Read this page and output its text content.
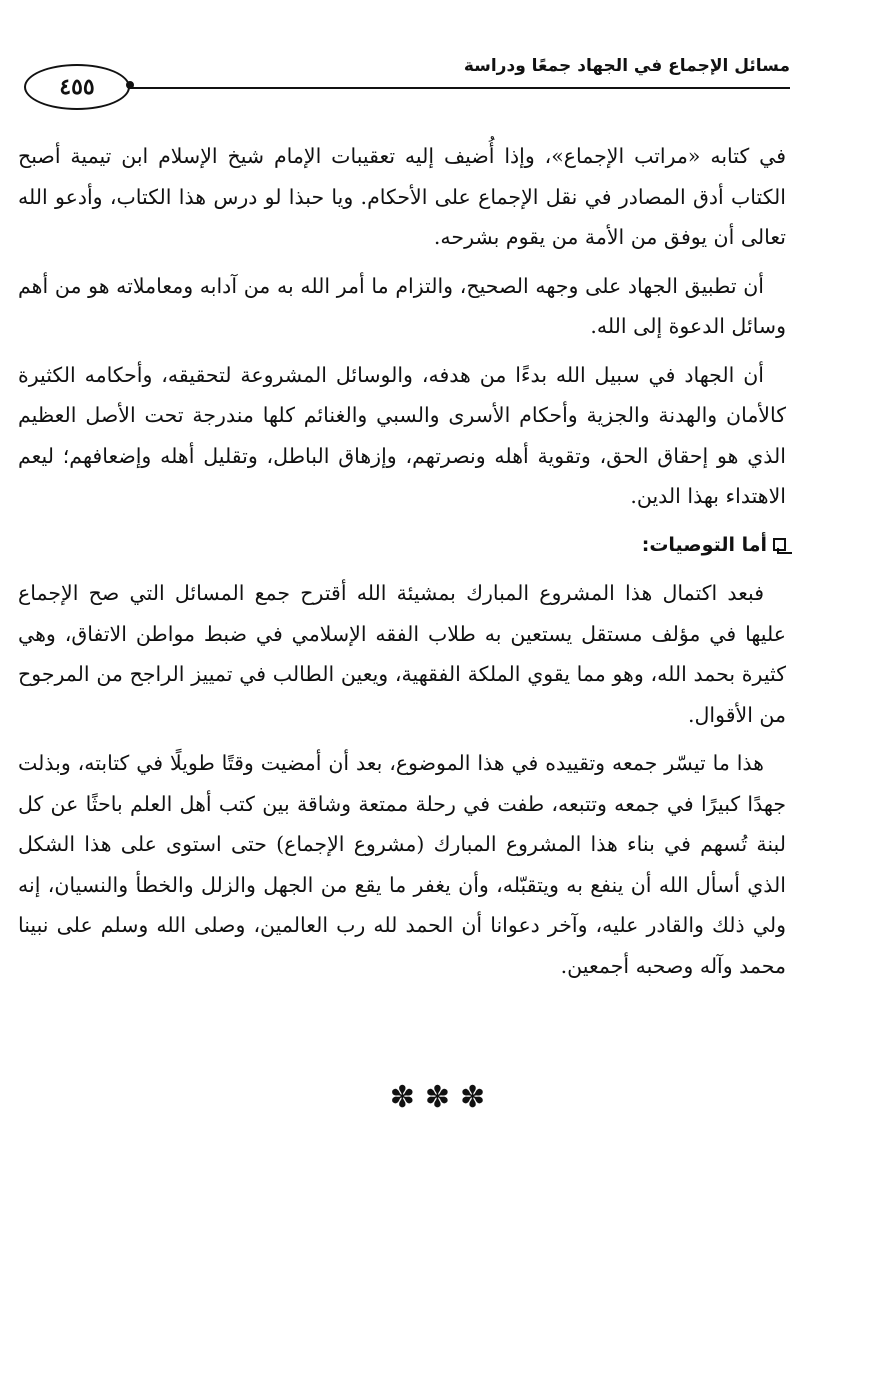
مسائل الإجماع في الجهاد جمعًا ودراسة
٤٥٥

في كتابه «مراتب الإجماع»، وإذا أُضيف إليه تعقيبات الإمام شيخ الإسلام ابن تيمية أصبح الكتاب أدق المصادر في نقل الإجماع على الأحكام. ويا حبذا لو درس هذا الكتاب، وأدعو الله تعالى أن يوفق من الأمة من يقوم بشرحه.

أن تطبيق الجهاد على وجهه الصحيح، والتزام ما أمر الله به من آدابه ومعاملاته هو من أهم وسائل الدعوة إلى الله.

أن الجهاد في سبيل الله بدءًا من هدفه، والوسائل المشروعة لتحقيقه، وأحكامه الكثيرة كالأمان والهدنة والجزية وأحكام الأسرى والسبي والغنائم كلها مندرجة تحت الأصل العظيم الذي هو إحقاق الحق، وتقوية أهله ونصرتهم، وإزهاق الباطل، وتقليل أهله وإضعافهم؛ ليعم الاهتداء بهذا الدين.

أما التوصيات:

فبعد اكتمال هذا المشروع المبارك بمشيئة الله أقترح جمع المسائل التي صح الإجماع عليها في مؤلف مستقل يستعين به طلاب الفقه الإسلامي في ضبط مواطن الاتفاق، وهي كثيرة بحمد الله، وهو مما يقوي الملكة الفقهية، ويعين الطالب في تمييز الراجح من المرجوح من الأقوال.

هذا ما تيسّر جمعه وتقييده في هذا الموضوع، بعد أن أمضيت وقتًا طويلًا في كتابته، وبذلت جهدًا كبيرًا في جمعه وتتبعه، طفت في رحلة ممتعة وشاقة بين كتب أهل العلم باحثًا عن كل لبنة تُسهم في بناء هذا المشروع المبارك (مشروع الإجماع) حتى استوى على هذا الشكل الذي أسأل الله أن ينفع به ويتقبّله، وأن يغفر ما يقع من الجهل والزلل والخطأ والنسيان، إنه ولي ذلك والقادر عليه، وآخر دعوانا أن الحمد لله رب العالمين، وصلى الله وسلم على نبينا محمد وآله وصحبه أجمعين.

✽✽✽
